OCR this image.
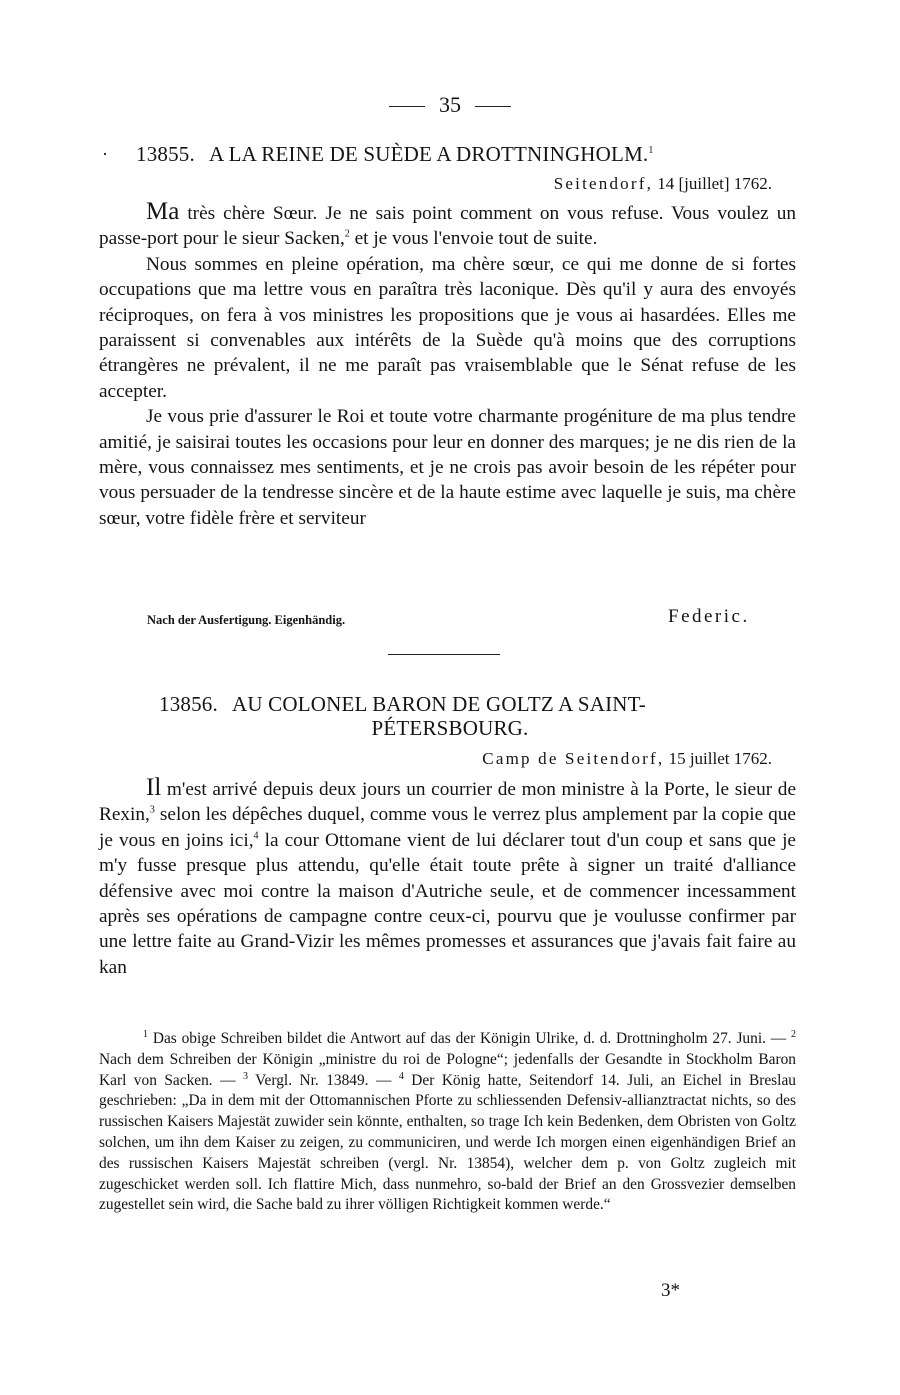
35
13855. A LA REINE DE SUÈDE A DROTTNINGHOLM.$^1$
Seitendorf, 14 [juillet] 1762.

Ma très chère Sœur. Je ne sais point comment on vous refuse. Vous voulez un passe-port pour le sieur Sacken,$^2$ et je vous l'envoie tout de suite.

Nous sommes en pleine opération, ma chère sœur, ce qui me donne de si fortes occupations que ma lettre vous en paraîtra très laconique. Dès qu'il y aura des envoyés réciproques, on fera à vos ministres les propositions que je vous ai hasardées. Elles me paraissent si convenables aux intérêts de la Suède qu'à moins que des corruptions étrangères ne prévalent, il ne me paraît pas vraisemblable que le Sénat refuse de les accepter.

Je vous prie d'assurer le Roi et toute votre charmante progéniture de ma plus tendre amitié, je saisirai toutes les occasions pour leur en donner des marques; je ne dis rien de la mère, vous connaissez mes sentiments, et je ne crois pas avoir besoin de les répéter pour vous persuader de la tendresse sincère et de la haute estime avec laquelle je suis, ma chère sœur, votre fidèle frère et serviteur

Nach der Ausfertigung. Eigenhändig.	Federic.
13856. AU COLONEL BARON DE GOLTZ A SAINT-
PÉTERSBOURG.
Camp de Seitendorf, 15 juillet 1762.

Il m'est arrivé depuis deux jours un courrier de mon ministre à la Porte, le sieur de Rexin,$^3$ selon les dépêches duquel, comme vous le verrez plus amplement par la copie que je vous en joins ici,$^4$ la cour Ottomane vient de lui déclarer tout d'un coup et sans que je m'y fusse presque plus attendu, qu'elle était toute prête à signer un traité d'alliance défensive avec moi contre la maison d'Autriche seule, et de commencer incessamment après ses opérations de campagne contre ceux-ci, pourvu que je voulusse confirmer par une lettre faite au Grand-Vizir les mêmes promesses et assurances que j'avais fait faire au kan

$^1$ Das obige Schreiben bildet die Antwort auf das der Königin Ulrike, d. d. Drottningholm 27. Juni. — $^2$ Nach dem Schreiben der Königin „ministre du roi de Pologne“; jedenfalls der Gesandte in Stockholm Baron Karl von Sacken. — $^3$ Vergl. Nr. 13849. — $^4$ Der König hatte, Seitendorf 14. Juli, an Eichel in Breslau geschrieben: „Da in dem mit der Ottomannischen Pforte zu schliessenden Defensiv-allianztractat nichts, so des russischen Kaisers Majestät zuwider sein könnte, enthalten, so trage Ich kein Bedenken, dem Obristen von Goltz solchen, um ihn dem Kaiser zu zeigen, zu communiciren, und werde Ich morgen einen eigenhändigen Brief an des russischen Kaisers Majestät schreiben (vergl. Nr. 13854), welcher dem p. von Goltz zugleich mit zugeschicket werden soll. Ich flattire Mich, dass nunmehro, so-bald der Brief an den Grossvezier demselben zugestellet sein wird, die Sache bald zu ihrer völligen Richtigkeit kommen werde.“

3*
